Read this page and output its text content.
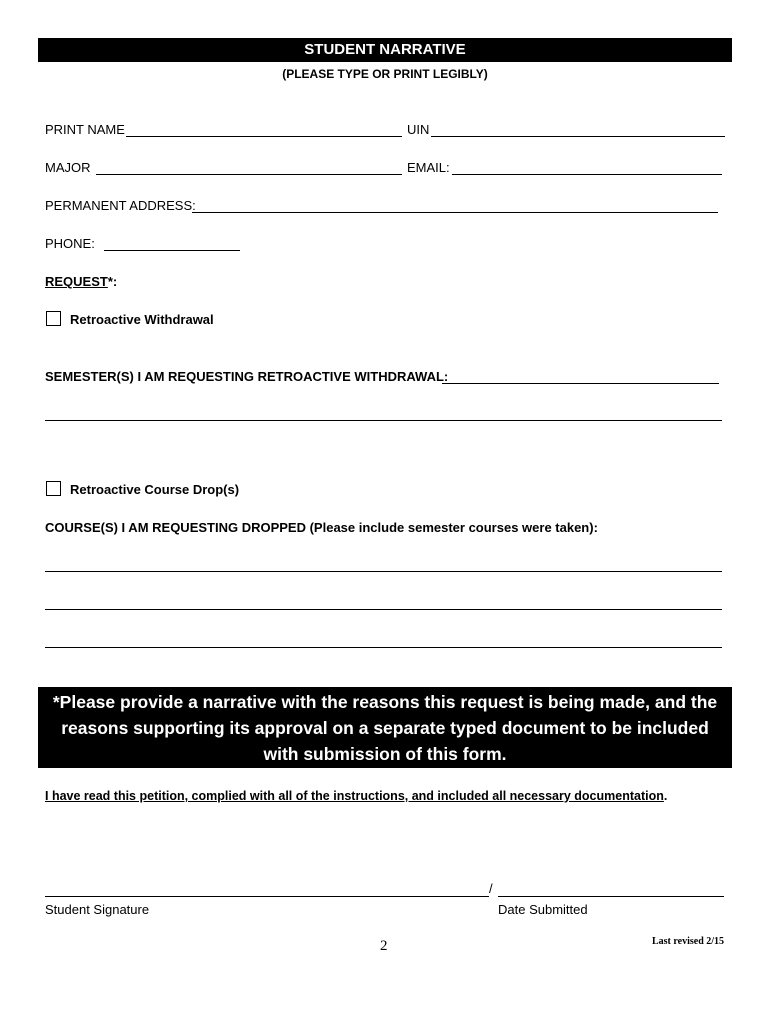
STUDENT NARRATIVE
(PLEASE TYPE OR PRINT LEGIBLY)
PRINT NAME	UIN
MAJOR	EMAIL:
PERMANENT ADDRESS:
PHONE:
REQUEST*:
Retroactive Withdrawal
SEMESTER(S) I AM REQUESTING RETROACTIVE WITHDRAWAL:
Retroactive Course Drop(s)
COURSE(S) I AM REQUESTING DROPPED (Please include semester courses were taken):
*Please provide a narrative with the reasons this request is being made, and the reasons supporting its approval on a separate typed document to be included with submission of this form.
I have read this petition, complied with all of the instructions, and included all necessary documentation.
/
Student Signature	Date Submitted
2	Last revised 2/15
